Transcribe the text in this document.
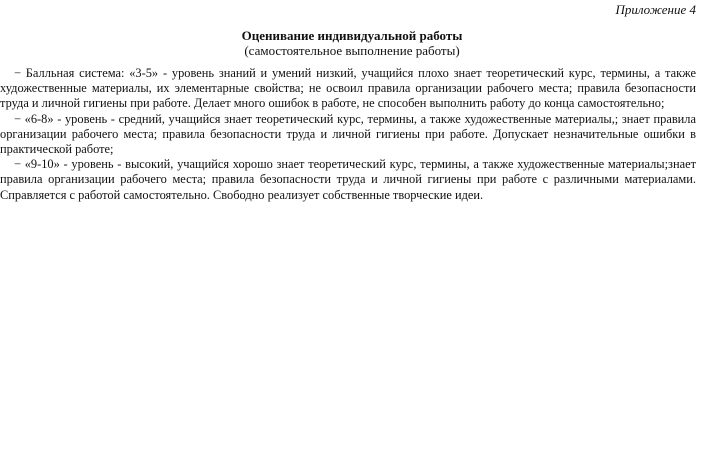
Приложение 4
Оценивание индивидуальной работы
(самостоятельное выполнение работы)

− Балльная система: «3-5» - уровень знаний и умений низкий, учащийся плохо знает теоретический курс, термины, а также художественные материалы, их элементарные свойства; не освоил правила организации рабочего места; правила безопасности труда и личной гигиены при работе. Делает много ошибок в работе, не способен выполнить работу до конца самостоятельно;

− «6-8» - уровень - средний, учащийся знает теоретический курс, термины, а также художественные материалы,; знает правила организации рабочего места; правила безопасности труда и личной гигиены при работе. Допускает незначительные ошибки в практической работе;

− «9-10» - уровень - высокий, учащийся хорошо знает теоретический курс, термины, а также художественные материалы;знает правила организации рабочего места; правила безопасности труда и личной гигиены при работе с различными материалами. Справляется с работой самостоятельно. Свободно реализует собственные творческие идеи.
